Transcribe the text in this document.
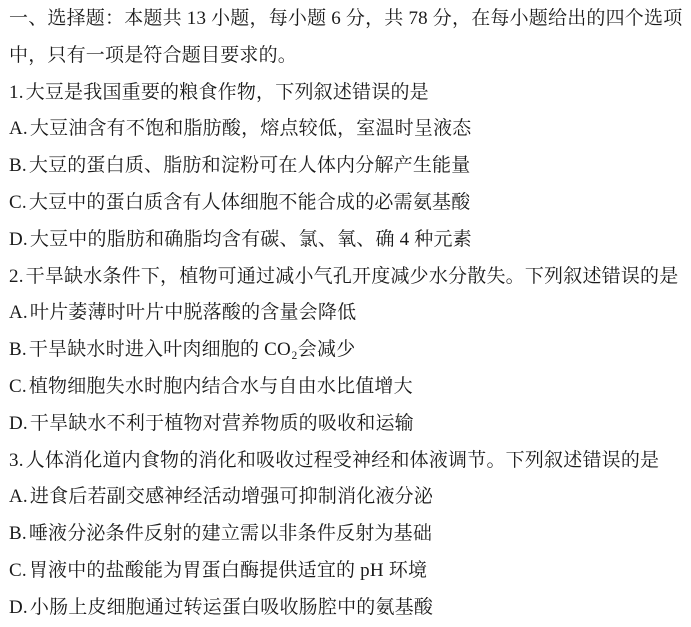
一、选择题：本题共 13 小题，每小题 6 分，共 78 分，在每小题给出的四个选项

中，只有一项是符合题目要求的。

1. 大豆是我国重要的粮食作物，下列叙述错误的是

A. 大豆油含有不饱和脂肪酸，熔点较低，室温时呈液态

B. 大豆的蛋白质、脂肪和淀粉可在人体内分解产生能量

C. 大豆中的蛋白质含有人体细胞不能合成的必需氨基酸

D. 大豆中的脂肪和确脂均含有碳、氯、氧、确 4 种元素

2. 干旱缺水条件下，植物可通过减小气孔开度减少水分散失。下列叙述错误的是

A. 叶片萎薄时叶片中脱落酸的含量会降低

B. 干旱缺水时进入叶肉细胞的 CO₂会减少

C. 植物细胞失水时胞内结合水与自由水比值增大

D. 干旱缺水不利于植物对营养物质的吸收和运输

3. 人体消化道内食物的消化和吸收过程受神经和体液调节。下列叙述错误的是

A. 进食后若副交感神经活动增强可抑制消化液分泌

B. 唾液分泌条件反射的建立需以非条件反射为基础

C. 胃液中的盐酸能为胃蛋白酶提供适宜的 pH 环境

D. 小肠上皮细胞通过转运蛋白吸收肠腔中的氨基酸
